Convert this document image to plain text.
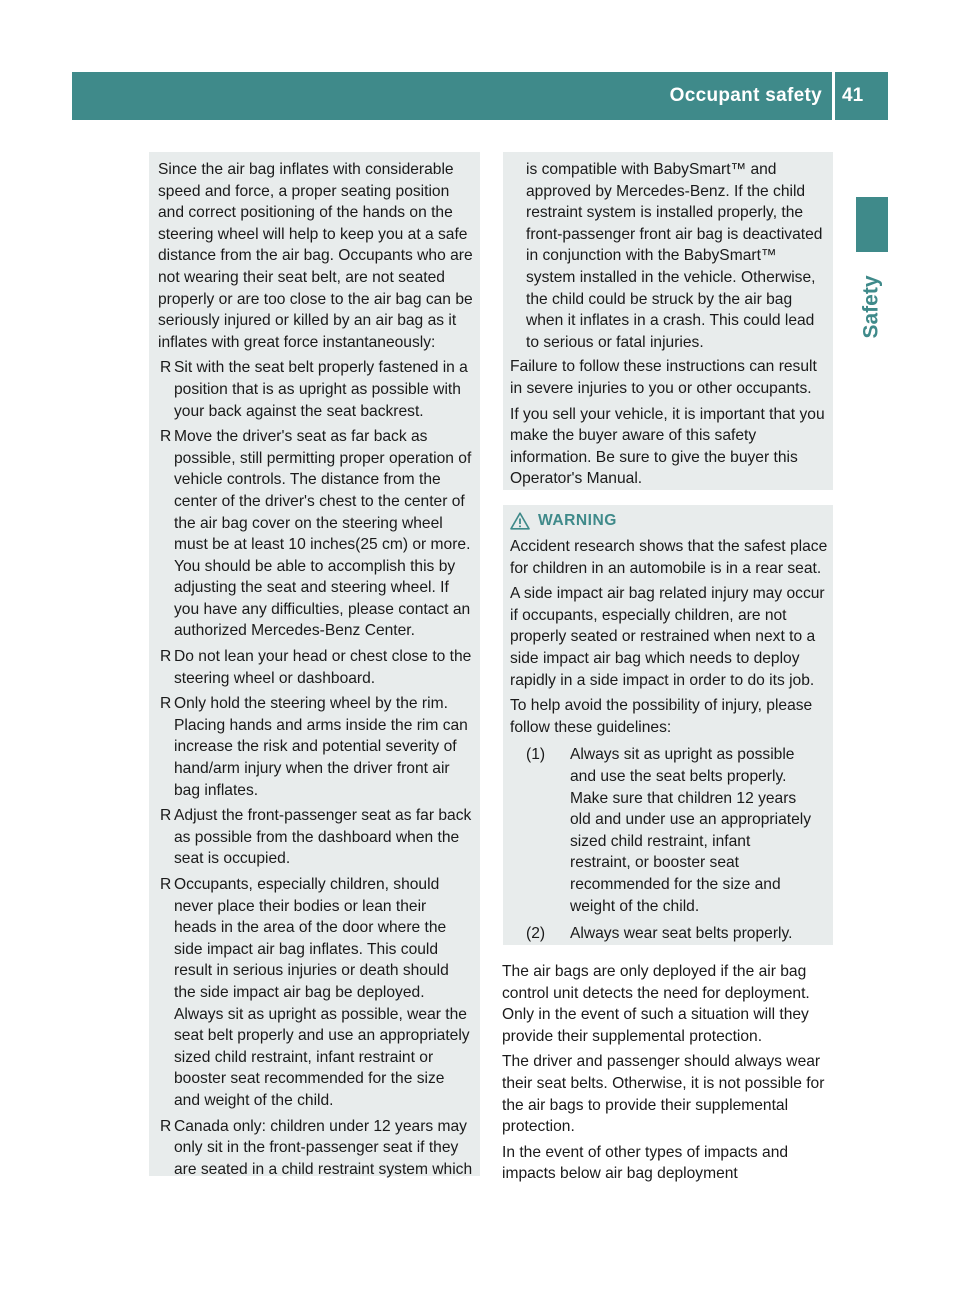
Occupant safety 41
Safety

Since the air bag inflates with considerable speed and force, a proper seating position and correct positioning of the hands on the steering wheel will help to keep you at a safe distance from the air bag. Occupants who are not wearing their seat belt, are not seated properly or are too close to the air bag can be seriously injured or killed by an air bag as it inflates with great force instantaneously:

R Sit with the seat belt properly fastened in a position that is as upright as possible with your back against the seat backrest.
R Move the driver's seat as far back as possible, still permitting proper operation of vehicle controls. The distance from the center of the driver's chest to the center of the air bag cover on the steering wheel must be at least 10 inches(25 cm) or more. You should be able to accomplish this by adjusting the seat and steering wheel. If you have any difficulties, please contact an authorized Mercedes-Benz Center.
R Do not lean your head or chest close to the steering wheel or dashboard.
R Only hold the steering wheel by the rim. Placing hands and arms inside the rim can increase the risk and potential severity of hand/arm injury when the driver front air bag inflates.
R Adjust the front-passenger seat as far back as possible from the dashboard when the seat is occupied.
R Occupants, especially children, should never place their bodies or lean their heads in the area of the door where the side impact air bag inflates. This could result in serious injuries or death should the side impact air bag be deployed. Always sit as upright as possible, wear the seat belt properly and use an appropriately sized child restraint, infant restraint or booster seat recommended for the size and weight of the child.
R Canada only: children under 12 years may only sit in the front-passenger seat if they are seated in a child restraint system which

is compatible with BabySmart™ and approved by Mercedes-Benz. If the child restraint system is installed properly, the front-passenger front air bag is deactivated in conjunction with the BabySmart™ system installed in the vehicle. Otherwise, the child could be struck by the air bag when it inflates in a crash. This could lead to serious or fatal injuries.

Failure to follow these instructions can result in severe injuries to you or other occupants.

If you sell your vehicle, it is important that you make the buyer aware of this safety information. Be sure to give the buyer this Operator's Manual.

WARNING

Accident research shows that the safest place for children in an automobile is in a rear seat.

A side impact air bag related injury may occur if occupants, especially children, are not properly seated or restrained when next to a side impact air bag which needs to deploy rapidly in a side impact in order to do its job.

To help avoid the possibility of injury, please follow these guidelines:

(1)	Always sit as upright as possible and use the seat belts properly. Make sure that children 12 years old and under use an appropriately sized child restraint, infant restraint, or booster seat recommended for the size and weight of the child.
(2)	Always wear seat belts properly.

The air bags are only deployed if the air bag control unit detects the need for deployment. Only in the event of such a situation will they provide their supplemental protection.

The driver and passenger should always wear their seat belts. Otherwise, it is not possible for the air bags to provide their supplemental protection.

In the event of other types of impacts and impacts below air bag deployment
